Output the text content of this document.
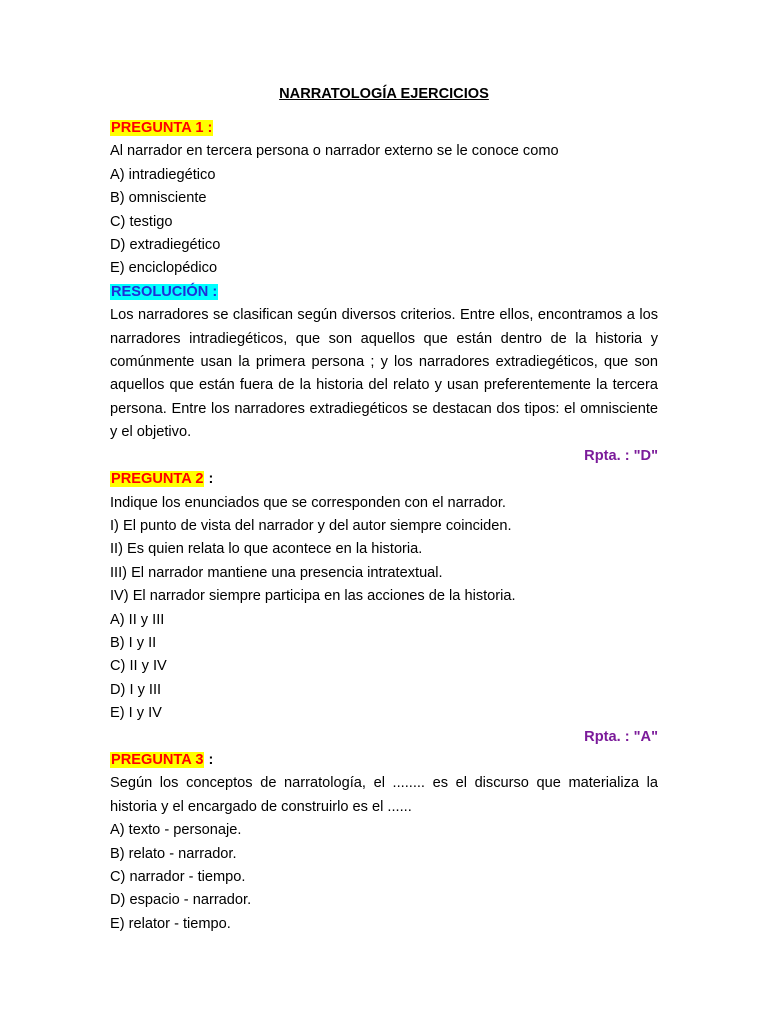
NARRATOLOGÍA EJERCICIOS

PREGUNTA 1 :

Al narrador en tercera persona o narrador externo se le conoce como

A) intradiegético

B) omnisciente

C) testigo

D) extradiegético

E) enciclopédico

RESOLUCIÓN :

Los narradores se clasifican según diversos criterios. Entre ellos, encontramos a los narradores intradiegéticos, que son aquellos que están dentro de la historia y comúnmente usan la primera persona ; y los narradores extradiegéticos, que son aquellos que están fuera de la historia del relato y usan preferentemente la tercera persona. Entre los narradores extradiegéticos se destacan dos tipos: el omnisciente y el objetivo.

Rpta. : "D"

PREGUNTA 2 :

Indique los enunciados que se corresponden con el narrador.

I) El punto de vista del narrador y del autor siempre coinciden.

II) Es quien relata lo que acontece en la historia.

III) El narrador mantiene una presencia intratextual.

IV) El narrador siempre participa en las acciones de la historia.

A) II y III

B) I y II

C) II y IV

D) I y III

E) I y IV

Rpta. : "A"

PREGUNTA 3 :

Según los conceptos de narratología, el ........ es el discurso que materializa la historia y el encargado de construirlo es el ......

A) texto - personaje.

B) relato - narrador.

C) narrador - tiempo.

D) espacio - narrador.

E) relator - tiempo.
